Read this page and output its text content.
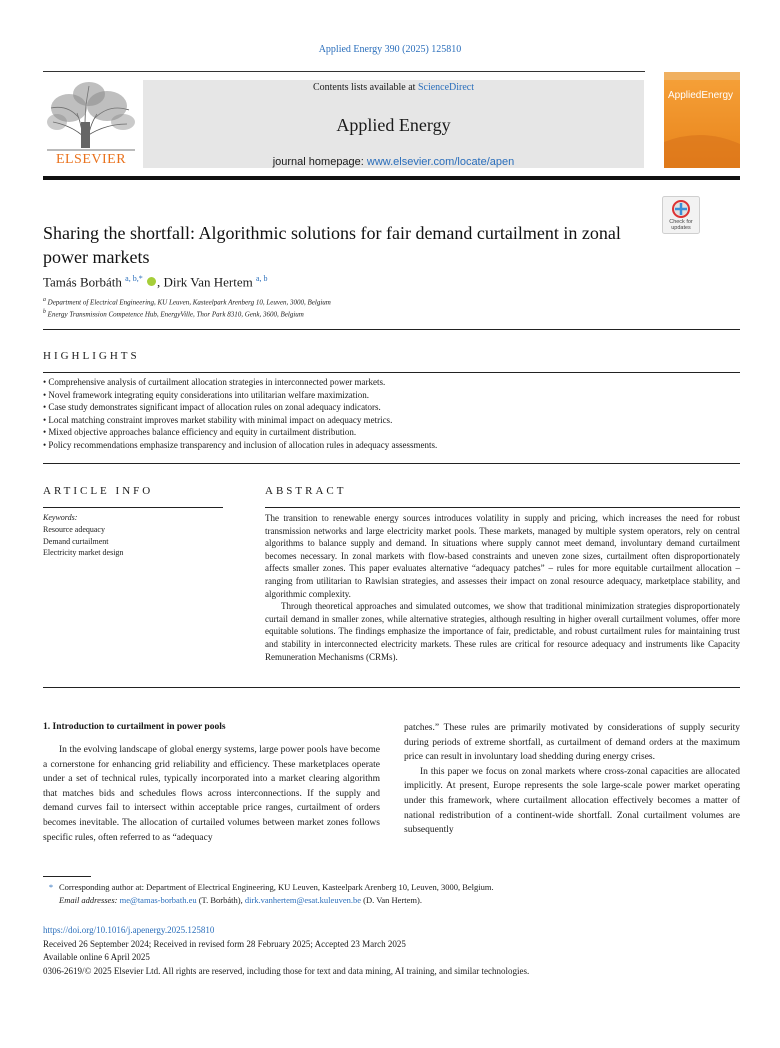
Applied Energy 390 (2025) 125810
ELSEVIER
Contents lists available at ScienceDirect
Applied Energy
journal homepage: www.elsevier.com/locate/apen
AppliedEnergy
Check for updates
Sharing the shortfall: Algorithmic solutions for fair demand curtailment in zonal power markets
Tamás Borbáth $^{a, b,*}$ , Dirk Van Hertem $^{a, b}$
$^a$ Department of Electrical Engineering, KU Leuven, Kasteelpark Arenberg 10, Leuven, 3000, Belgium
$^b$ Energy Transmission Competence Hub, EnergyVille, Thor Park 8310, Genk, 3600, Belgium
HIGHLIGHTS
• Comprehensive analysis of curtailment allocation strategies in interconnected power markets.
• Novel framework integrating equity considerations into utilitarian welfare maximization.
• Case study demonstrates significant impact of allocation rules on zonal adequacy indicators.
• Local matching constraint improves market stability with minimal impact on adequacy metrics.
• Mixed objective approaches balance efficiency and equity in curtailment distribution.
• Policy recommendations emphasize transparency and inclusion of allocation rules in adequacy assessments.
ARTICLE INFO
Keywords:
Resource adequacy
Demand curtailment
Electricity market design
ABSTRACT

The transition to renewable energy sources introduces volatility in supply and pricing, which increases the need for robust transmission networks and large electricity market pools. These markets, managed by multiple system operators, rely on central algorithms to balance supply and demand. In situations where supply cannot meet demand, involuntary demand curtailment becomes necessary. In zonal markets with flow-based constraints and uneven zone sizes, curtailment often disproportionately affects smaller zones. This paper evaluates alternative “adequacy patches” – rules for more equitable curtailment allocation – ranging from utilitarian to Rawlsian strategies, and assesses their impact on zonal resource adequacy, marketplace stability, and algorithmic complexity.

Through theoretical approaches and simulated outcomes, we show that traditional minimization strategies disproportionately curtail demand in smaller zones, while alternative strategies, although resulting in higher overall curtailment volumes, offer more equitable solutions. The findings emphasize the importance of fair, predictable, and robust curtailment rules for maintaining trust and stability in interconnected electricity markets. These rules are critical for resource adequacy and instruments like Capacity Remuneration Mechanisms (CRMs).

1. Introduction to curtailment in power pools

In the evolving landscape of global energy systems, large power pools have become a cornerstone for enhancing grid reliability and efficiency. These marketplaces operate under a set of technical rules, typically incorporated into a market clearing algorithm that matches bids and schedules flows across interconnections. If the supply and demand curves fail to intersect within acceptable price ranges, curtailment of orders becomes inevitable. The allocation of curtailed volumes between market zones follows specific rules, often referred to as “adequacy

patches.” These rules are primarily motivated by considerations of supply security during periods of extreme shortfall, as curtailment of demand orders at the maximum price can result in involuntary load shedding during energy crises.

In this paper we focus on zonal markets where cross-zonal capacities are allocated implicitly. At present, Europe represents the sole large-scale power market operating under this framework, where curtailment allocation effectively becomes a matter of national redistribution of a continent-wide shortfall. Zonal curtailment volumes are subsequently

* Corresponding author at: Department of Electrical Engineering, KU Leuven, Kasteelpark Arenberg 10, Leuven, 3000, Belgium.
Email addresses: me@tamas-borbath.eu (T. Borbáth), dirk.vanhertem@esat.kuleuven.be (D. Van Hertem).
https://doi.org/10.1016/j.apenergy.2025.125810
Received 26 September 2024; Received in revised form 28 February 2025; Accepted 23 March 2025
Available online 6 April 2025
0306-2619/© 2025 Elsevier Ltd. All rights are reserved, including those for text and data mining, AI training, and similar technologies.
